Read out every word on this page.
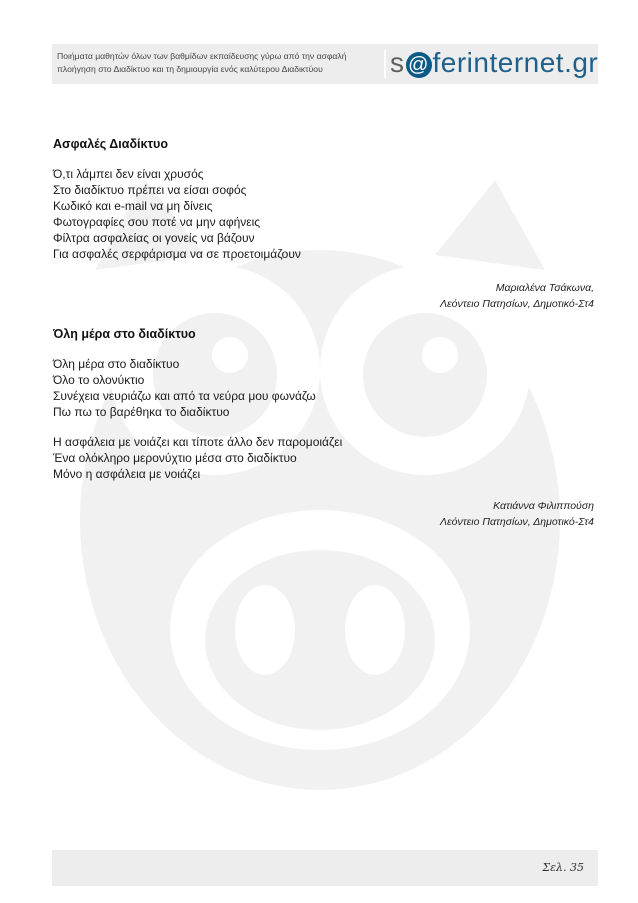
Ποιήματα μαθητών όλων των βαθμίδων εκπαίδευσης γύρω από την ασφαλή πλοήγηση στο Διαδίκτυο και τη δημιουργία ενός καλύτερου Διαδικτύου	s @ ferinternet.gr
Ασφαλές Διαδίκτυο
Ό,τι λάμπει δεν είναι χρυσός
Στο διαδίκτυο πρέπει να είσαι σοφός
Κωδικό και e-mail να μη δίνεις
Φωτογραφίες σου ποτέ να μην αφήνεις
Φίλτρα ασφαλείας οι γονείς να βάζουν
Για ασφαλές σερφάρισμα να σε προετοιμάζουν
Μαριαλένα Τσάκωνα,
Λεόντειο Πατησίων, Δημοτικό-Στ4
Όλη μέρα στο διαδίκτυο
Όλη μέρα στο διαδίκτυο
Όλο το ολονύκτιο
Συνέχεια νευριάζω και από τα νεύρα μου φωνάζω
Πω πω το βαρέθηκα το διαδίκτυο
Η ασφάλεια με νοιάζει και τίποτε άλλο δεν παρομοιάζει
Ένα ολόκληρο μερονύχτιο μέσα στο διαδίκτυο
Μόνο η ασφάλεια με νοιάζει
Κατιάννα Φιλιππούση
Λεόντειο Πατησίων, Δημοτικό-Στ4
Σελ. 35
